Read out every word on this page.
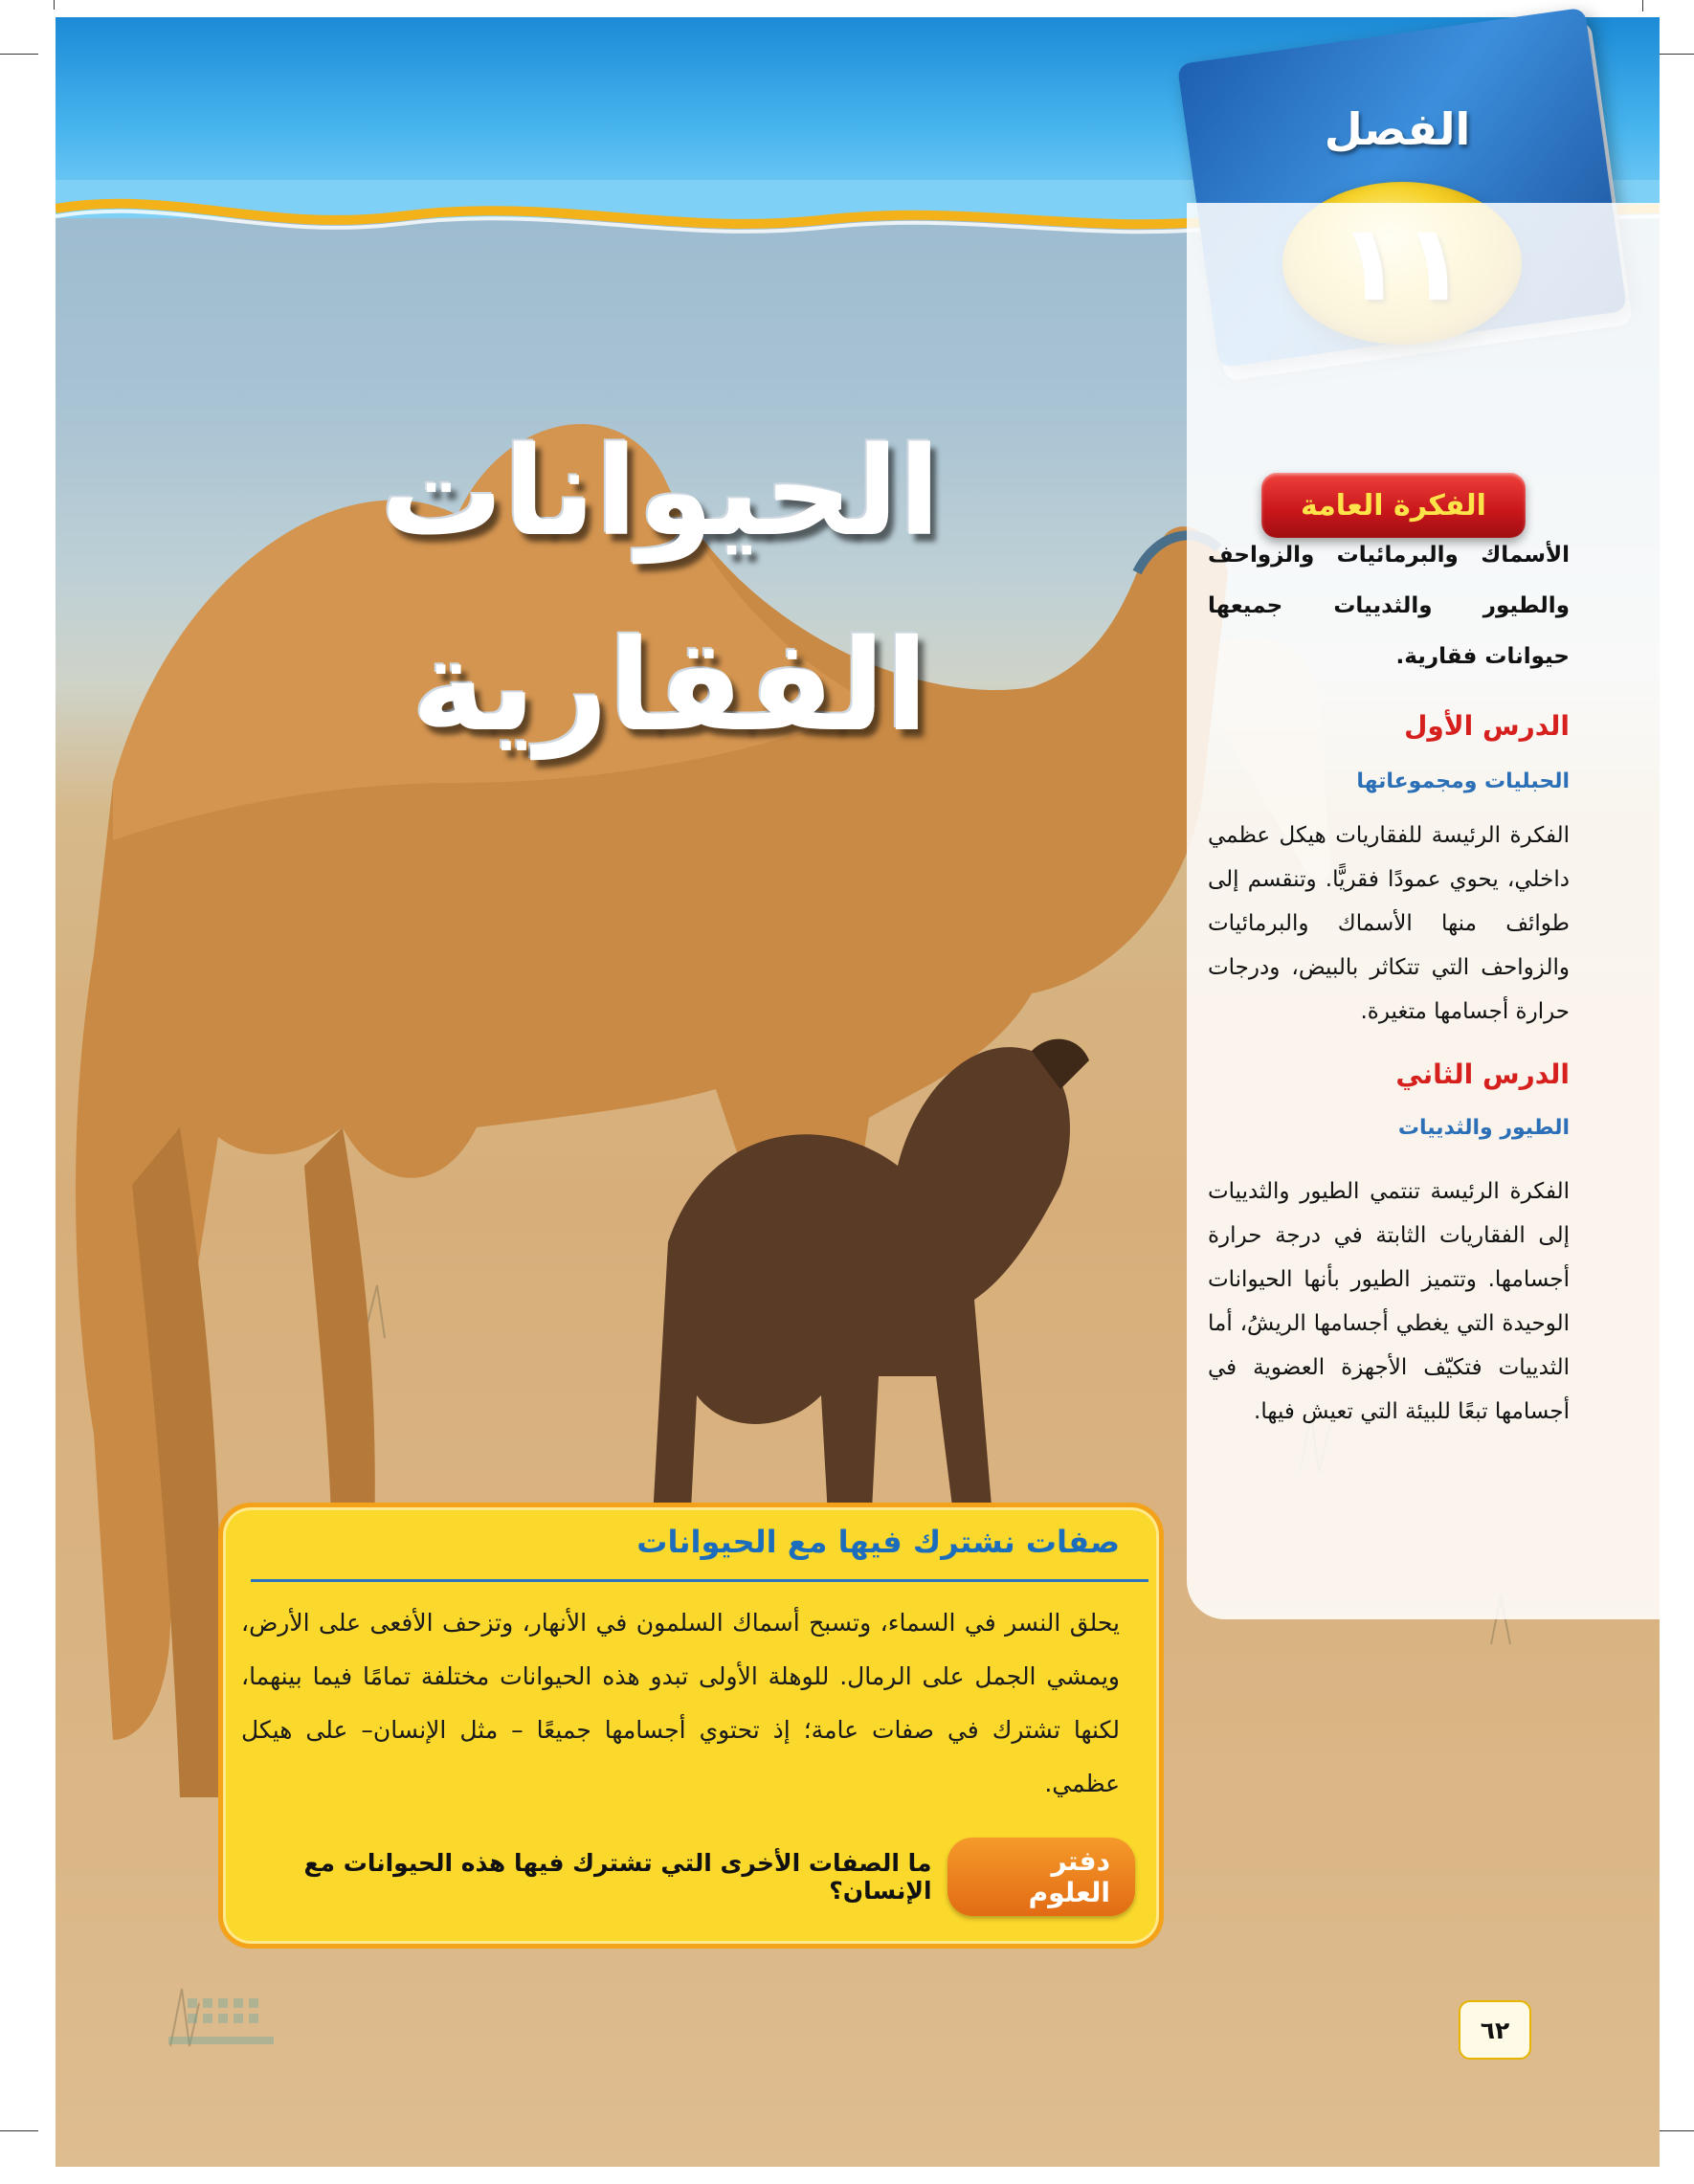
الفصل
الحيوانات
الفقارية
الفكرة العامة
الأسماك والبرمائيات والزواحف والطيور والثدييات جميعها حيوانات فقارية.
الدرس الأول
الحبليات ومجموعاتها
الفكرة الرئيسة للفقاريات هيكل عظمي داخلي، يحوي عمودًا فقريًّا. وتنقسم إلى طوائف منها الأسماك والبرمائيات والزواحف التي تتكاثر بالبيض، ودرجات حرارة أجسامها متغيرة.
الدرس الثاني
الطيور والثدييات
الفكرة الرئيسة تنتمي الطيور والثدييات إلى الفقاريات الثابتة في درجة حرارة أجسامها. وتتميز الطيور بأنها الحيوانات الوحيدة التي يغطي أجسامها الريشُ، أما الثدييات فتكيّف الأجهزة العضوية في أجسامها تبعًا للبيئة التي تعيش فيها.
صفات نشترك فيها مع الحيوانات
يحلق النسر في السماء، وتسبح أسماك السلمون في الأنهار، وتزحف الأفعى على الأرض، ويمشي الجمل على الرمال. للوهلة الأولى تبدو هذه الحيوانات مختلفة تمامًا فيما بينهما، لكنها تشترك في صفات عامة؛ إذ تحتوي أجسامها جميعًا – مثل الإنسان– على هيكل عظمي.
دفتر العلوم
ما الصفات الأخرى التي تشترك فيها هذه الحيوانات مع الإنسان؟
٦٢
